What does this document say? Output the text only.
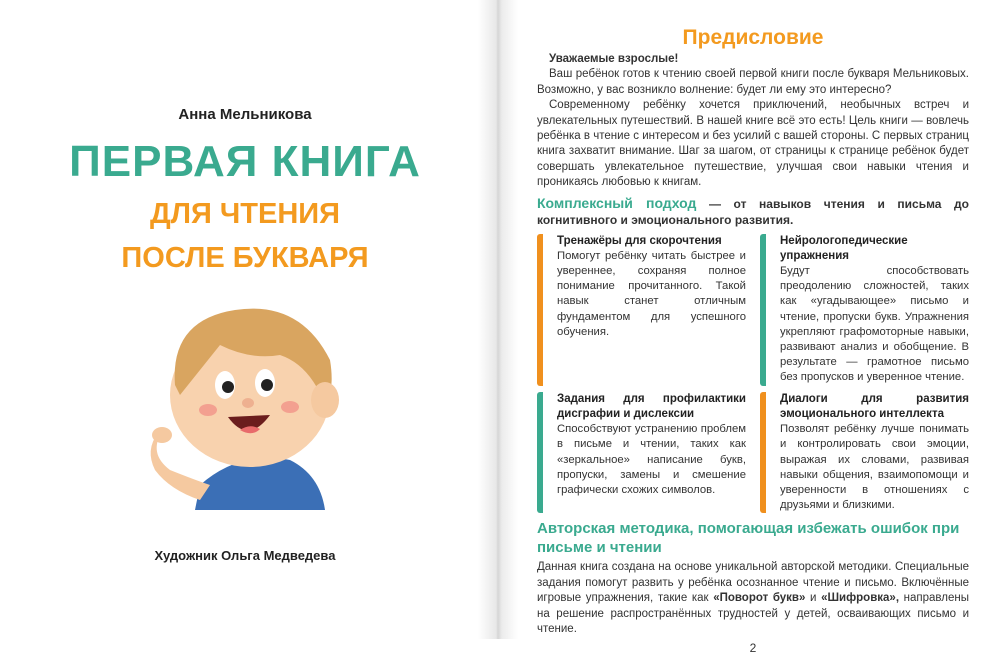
Анна Мельникова
ПЕРВАЯ КНИГА
ДЛЯ ЧТЕНИЯ
ПОСЛЕ БУКВАРЯ
Художник Ольга Медведева
Предисловие
Уважаемые взрослые!
Ваш ребёнок готов к чтению своей первой книги после букваря Мельниковых. Возможно, у вас возникло волнение: будет ли ему это интересно?
Современному ребёнку хочется приключений, необычных встреч и увлекательных путешествий. В нашей книге всё это есть! Цель книги — вовлечь ребёнка в чтение с интересом и без усилий с вашей стороны. С первых страниц книга захватит внимание. Шаг за шагом, от страницы к странице ребёнок будет совершать увлекательное путешествие, улучшая свои навыки чтения и проникаясь любовью к книгам.
Комплексный подход — от навыков чтения и письма до когнитивного и эмоционального развития.
Тренажёры для скорочтения
Помогут ребёнку читать быстрее и увереннее, сохраняя полное понимание прочитанного. Такой навык станет отличным фундаментом для успешного обучения.
Нейрологопедические упражнения
Будут способствовать преодолению сложностей, таких как «угадывающее» письмо и чтение, пропуски букв. Упражнения укрепляют графомоторные навыки, развивают анализ и обобщение. В результате — грамотное письмо без пропусков и уверенное чтение.
Задания для профилактики дисграфии и дислексии
Способствуют устранению проблем в письме и чтении, таких как «зеркальное» написание букв, пропуски, замены и смешение графически схожих символов.
Диалоги для развития эмоционального интеллекта
Позволят ребёнку лучше понимать и контролировать свои эмоции, выражая их словами, развивая навыки общения, взаимопомощи и уверенности в отношениях с друзьями и близкими.
Авторская методика, помогающая избежать ошибок при письме и чтении
Данная книга создана на основе уникальной авторской методики. Специальные задания помогут развить у ребёнка осознанное чтение и письмо. Включённые игровые упражнения, такие как «Поворот букв» и «Шифровка», направлены на решение распространённых трудностей у детей, осваивающих письмо и чтение.
2
